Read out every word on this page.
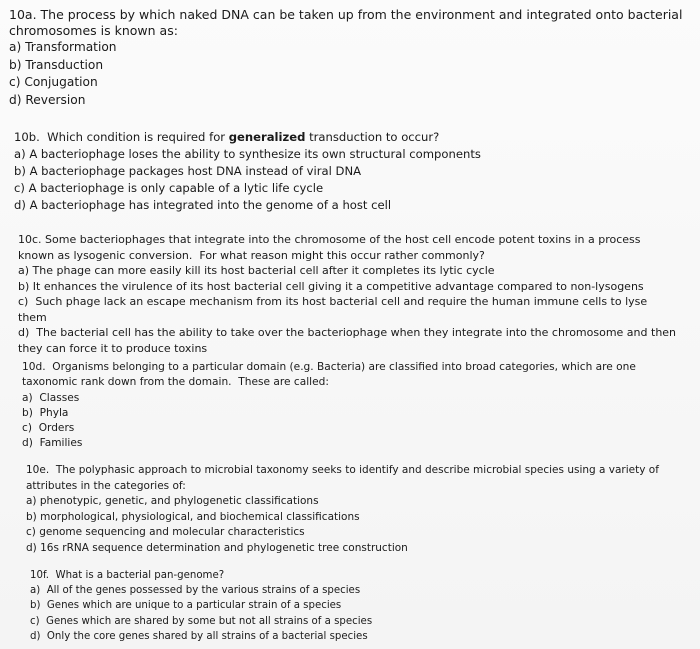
10a. The process by which naked DNA can be taken up from the environment and integrated onto bacterial chromosomes is known as:

a) Transformation

b) Transduction

c) Conjugation

d) Reversion

10b.  Which condition is required for generalized transduction to occur?

a) A bacteriophage loses the ability to synthesize its own structural components

b) A bacteriophage packages host DNA instead of viral DNA

c) A bacteriophage is only capable of a lytic life cycle

d) A bacteriophage has integrated into the genome of a host cell

10c. Some bacteriophages that integrate into the chromosome of the host cell encode potent toxins in a process known as lysogenic conversion.  For what reason might this occur rather commonly?

a) The phage can more easily kill its host bacterial cell after it completes its lytic cycle

b) It enhances the virulence of its host bacterial cell giving it a competitive advantage compared to non-lysogens

c)  Such phage lack an escape mechanism from its host bacterial cell and require the human immune cells to lyse them

d)  The bacterial cell has the ability to take over the bacteriophage when they integrate into the chromosome and then they can force it to produce toxins

10d.  Organisms belonging to a particular domain (e.g. Bacteria) are classified into broad categories, which are one taxonomic rank down from the domain.  These are called:

a)  Classes

b)  Phyla

c)  Orders

d)  Families

10e.  The polyphasic approach to microbial taxonomy seeks to identify and describe microbial species using a variety of attributes in the categories of:

a) phenotypic, genetic, and phylogenetic classifications

b) morphological, physiological, and biochemical classifications

c) genome sequencing and molecular characteristics

d) 16s rRNA sequence determination and phylogenetic tree construction

10f.  What is a bacterial pan-genome?

a)  All of the genes possessed by the various strains of a species

b)  Genes which are unique to a particular strain of a species

c)  Genes which are shared by some but not all strains of a species

d)  Only the core genes shared by all strains of a bacterial species
